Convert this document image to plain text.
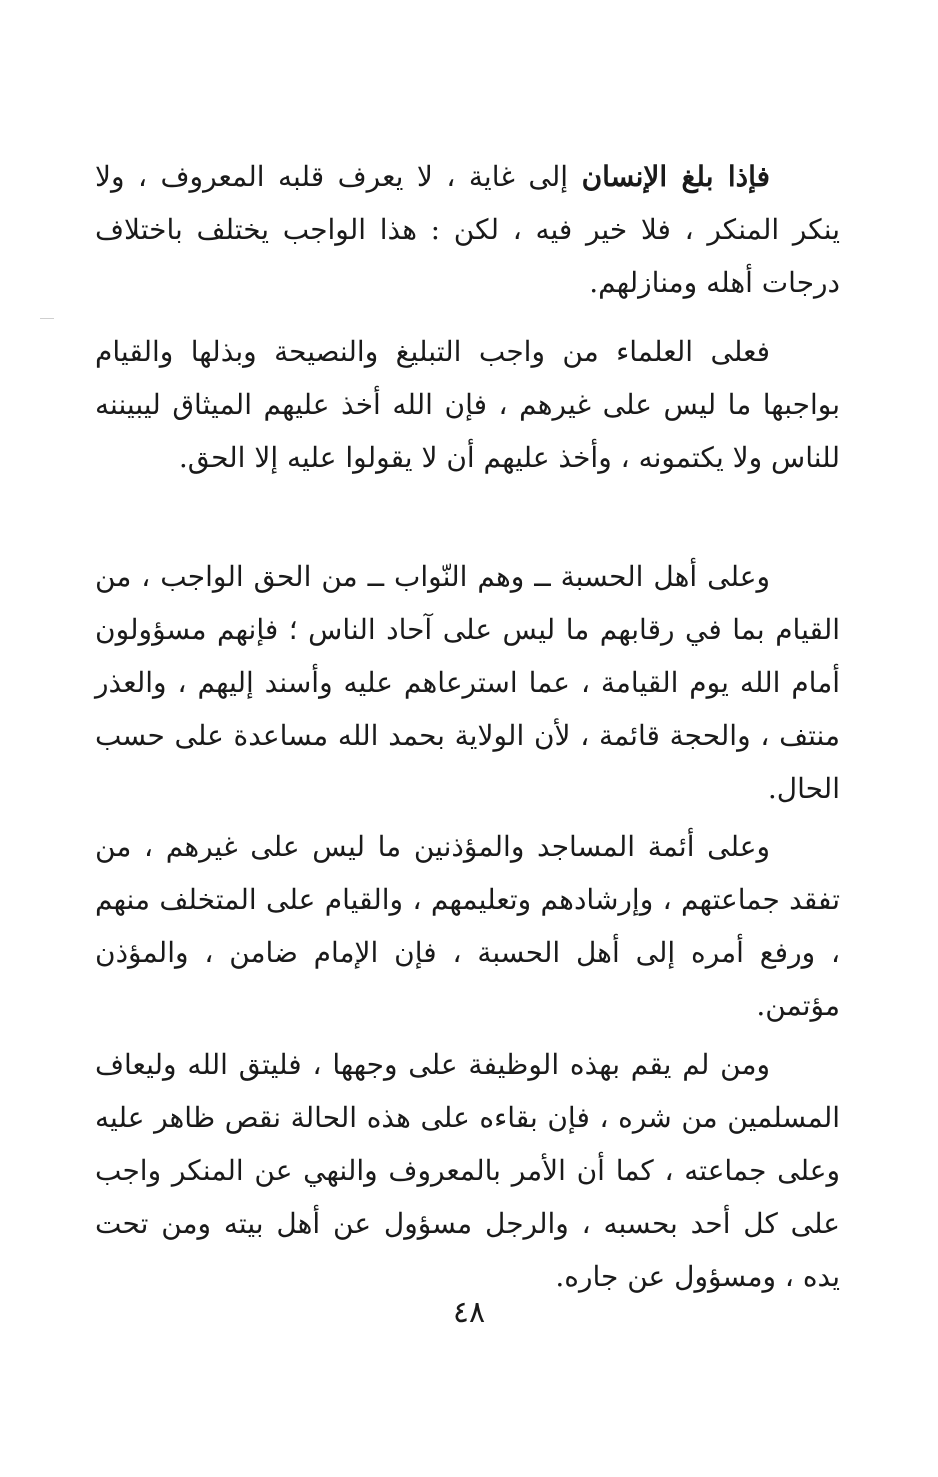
فإذا بلغ الإنسان إلى غاية ، لا يعرف قلبه المعروف ، ولا ينكر المنكر ، فلا خير فيه ، لكن : هذا الواجب يختلف باختلاف درجات أهله ومنازلهم.

فعلى العلماء من واجب التبليغ والنصيحة وبذلها والقيام بواجبها ما ليس على غيرهم ، فإن الله أخذ عليهم الميثاق ليبيننه للناس ولا يكتمونه ، وأخذ عليهم أن لا يقولوا عليه إلا الحق.

وعلى أهل الحسبة ــ وهم النّواب ــ من الحق الواجب ، من القيام بما في رقابهم ما ليس على آحاد الناس ؛ فإنهم مسؤولون أمام الله يوم القيامة ، عما استرعاهم عليه وأسند إليهم ، والعذر منتف ، والحجة قائمة ، لأن الولاية بحمد الله مساعدة على حسب الحال.

وعلى أئمة المساجد والمؤذنين ما ليس على غيرهم ، من تفقد جماعتهم ، وإرشادهم وتعليمهم ، والقيام على المتخلف منهم ، ورفع أمره إلى أهل الحسبة ، فإن الإمام ضامن ، والمؤذن مؤتمن.

ومن لم يقم بهذه الوظيفة على وجهها ، فليتق الله وليعاف المسلمين من شره ، فإن بقاءه على هذه الحالة نقص ظاهر عليه وعلى جماعته ، كما أن الأمر بالمعروف والنهي عن المنكر واجب على كل أحد بحسبه ، والرجل مسؤول عن أهل بيته ومن تحت يده ، ومسؤول عن جاره.

٤٨
